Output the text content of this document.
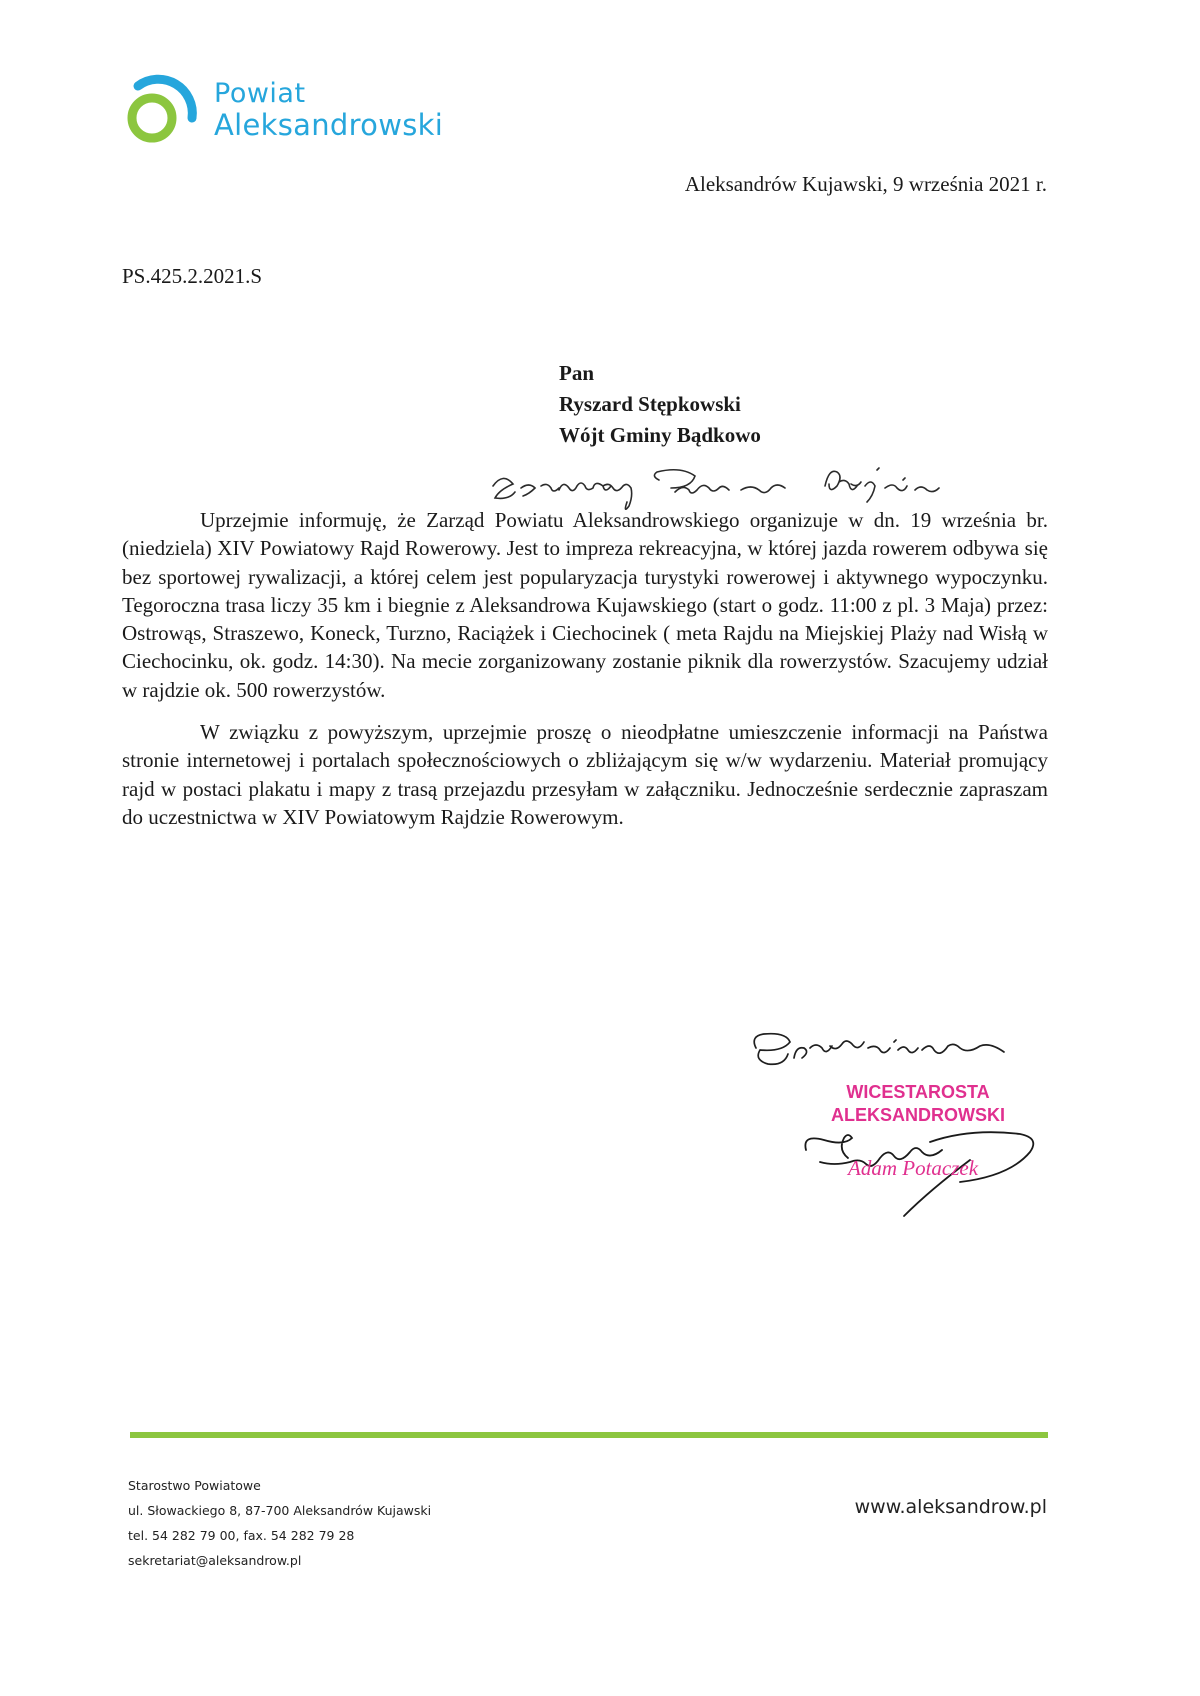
Powiat
Aleksandrowski
Aleksandrów Kujawski, 9 września 2021 r.
PS.425.2.2021.S
Pan
Ryszard Stępkowski
Wójt Gminy Bądkowo

Uprzejmie informuję, że Zarząd Powiatu Aleksandrowskiego organizuje w dn. 19 września br. (niedziela) XIV Powiatowy Rajd Rowerowy. Jest to impreza rekreacyjna, w której jazda rowerem odbywa się bez sportowej rywalizacji, a której celem jest popularyzacja turystyki rowerowej i aktywnego wypoczynku. Tegoroczna trasa liczy 35 km i biegnie z Aleksandrowa Kujawskiego (start o godz. 11:00 z pl. 3 Maja) przez: Ostrowąs, Straszewo, Koneck, Turzno, Raciążek i Ciechocinek ( meta Rajdu na Miejskiej Plaży nad Wisłą w Ciechocinku, ok. godz. 14:30). Na mecie zorganizowany zostanie piknik dla rowerzystów. Szacujemy udział w rajdzie ok. 500 rowerzystów.

W związku z powyższym, uprzejmie proszę o nieodpłatne umieszczenie informacji na Państwa stronie internetowej i portalach społecznościowych o zbliżającym się w/w wydarzeniu. Materiał promujący rajd w postaci plakatu i mapy z trasą przejazdu przesyłam w załączniku. Jednocześnie serdecznie zapraszam do uczestnictwa w XIV Powiatowym Rajdzie Rowerowym.

WICESTAROSTA
ALEKSANDROWSKI
Adam Potaczek
Starostwo Powiatowe
ul. Słowackiego 8, 87-700 Aleksandrów Kujawski
tel. 54 282 79 00, fax. 54 282 79 28
sekretariat@aleksandrow.pl
www.aleksandrow.pl
